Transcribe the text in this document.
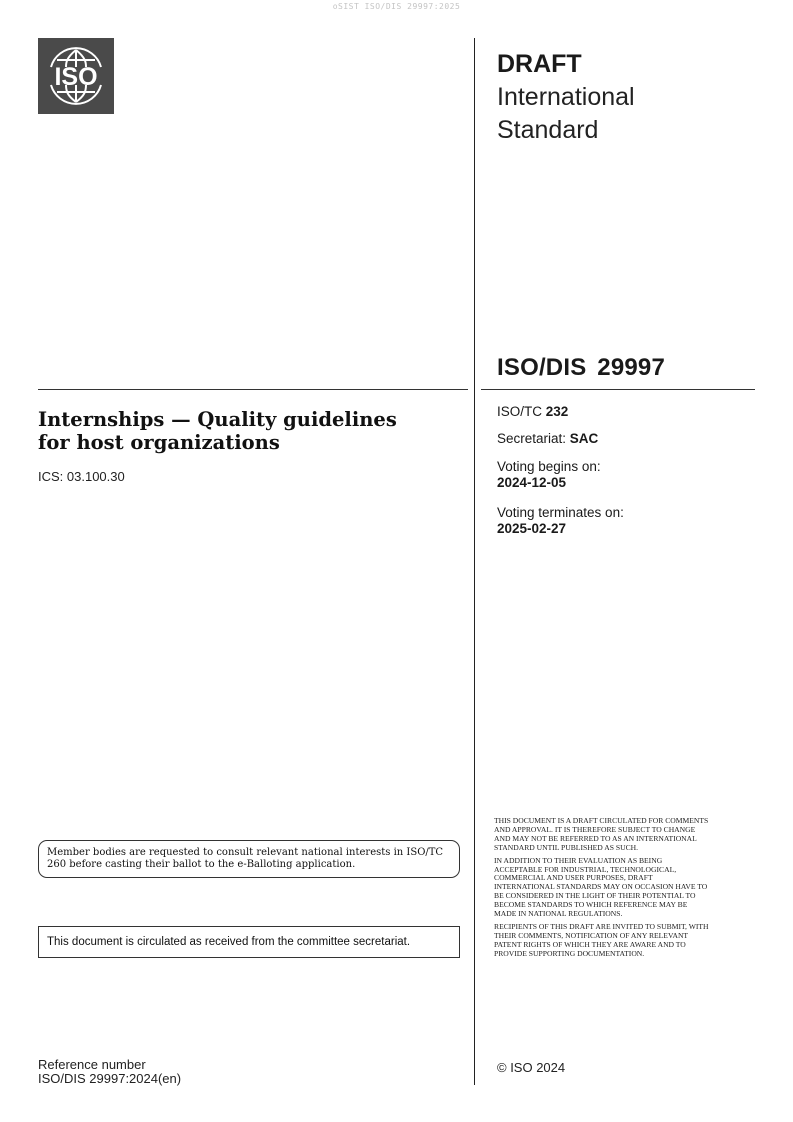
oSIST ISO/DIS 29997:2025
ISO	DRAFT
International
Standard
ISO/DIS 29997
Internships — Quality guidelines
for host organizations
ICS: 03.100.30
ISO/TC 232
Secretariat: SAC
Voting begins on:
2024-12-05
Voting terminates on:
2025-02-27
Member bodies are requested to consult relevant national interests in ISO/TC 260 before casting their ballot to the e-Balloting application.
This document is circulated as received from the committee secretariat.

THIS DOCUMENT IS A DRAFT CIRCULATED FOR COMMENTS AND APPROVAL. IT IS THEREFORE SUBJECT TO CHANGE AND MAY NOT BE REFERRED TO AS AN INTERNATIONAL STANDARD UNTIL PUBLISHED AS SUCH.

IN ADDITION TO THEIR EVALUATION AS BEING ACCEPTABLE FOR INDUSTRIAL, TECHNOLOGICAL, COMMERCIAL AND USER PURPOSES, DRAFT INTERNATIONAL STANDARDS MAY ON OCCASION HAVE TO BE CONSIDERED IN THE LIGHT OF THEIR POTENTIAL TO BECOME STANDARDS TO WHICH REFERENCE MAY BE MADE IN NATIONAL REGULATIONS.

RECIPIENTS OF THIS DRAFT ARE INVITED TO SUBMIT, WITH THEIR COMMENTS, NOTIFICATION OF ANY RELEVANT PATENT RIGHTS OF WHICH THEY ARE AWARE AND TO PROVIDE SUPPORTING DOCUMENTATION.

Reference number
ISO/DIS 29997:2024(en)
© ISO 2024
